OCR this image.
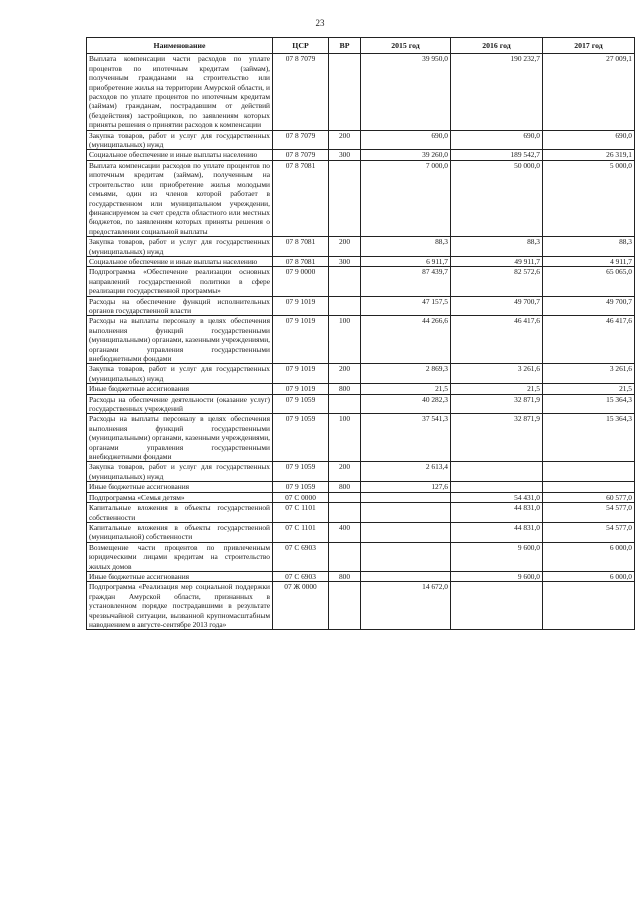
23
Наименование	ЦСР	ВР	2015 год	2016 год	2017 год
Выплата компенсации части расходов по уплате процентов по ипотечным кредитам (займам), полученным гражданами на строительство или приобретение жилья на территории Амурской области, и расходов по уплате процентов по ипотечным кредитам (займам) гражданам, пострадавшим от действий (бездействия) застройщиков, по заявлениям которых приняты решения о принятии расходов к компенсации	07 8 7079		39 950,0	190 232,7	27 009,1
Закупка товаров, работ и услуг для государственных (муниципальных) нужд	07 8 7079	200	690,0	690,0	690,0
Социальное обеспечение и иные выплаты населению	07 8 7079	300	39 260,0	189 542,7	26 319,1
Выплата компенсации расходов по уплате процентов по ипотечным кредитам (займам), полученным на строительство или приобретение жилья молодыми семьями, один из членов которой работает в государственном или муниципальном учреждении, финансируемом за счет средств областного или местных бюджетов, по заявлениям которых приняты решения о предоставлении социальной выплаты	07 8 7081		7 000,0	50 000,0	5 000,0
Закупка товаров, работ и услуг для государственных (муниципальных) нужд	07 8 7081	200	88,3	88,3	88,3
Социальное обеспечение и иные выплаты населению	07 8 7081	300	6 911,7	49 911,7	4 911,7
Подпрограмма «Обеспечение реализации основных направлений государственной политики в сфере реализации государственной программы»	07 9 0000		87 439,7	82 572,6	65 065,0
Расходы на обеспечение функций исполнительных органов государственной власти	07 9 1019		47 157,5	49 700,7	49 700,7
Расходы на выплаты персоналу в целях обеспечения выполнения функций государственными (муниципальными) органами, казенными учреждениями, органами управления государственными внебюджетными фондами	07 9 1019	100	44 266,6	46 417,6	46 417,6
Закупка товаров, работ и услуг для государственных (муниципальных) нужд	07 9 1019	200	2 869,3	3 261,6	3 261,6
Иные бюджетные ассигнования	07 9 1019	800	21,5	21,5	21,5
Расходы на обеспечение деятельности (оказание услуг) государственных учреждений	07 9 1059		40 282,3	32 871,9	15 364,3
Расходы на выплаты персоналу в целях обеспечения выполнения функций государственными (муниципальными) органами, казенными учреждениями, органами управления государственными внебюджетными фондами	07 9 1059	100	37 541,3	32 871,9	15 364,3
Закупка товаров, работ и услуг для государственных (муниципальных) нужд	07 9 1059	200	2 613,4		
Иные бюджетные ассигнования	07 9 1059	800	127,6		
Подпрограмма «Семья детям»	07 С 0000			54 431,0	60 577,0
Капитальные вложения в объекты государственной собственности	07 С 1101			44 831,0	54 577,0
Капитальные вложения в объекты государственной (муниципальной) собственности	07 С 1101	400		44 831,0	54 577,0
Возмещение части процентов по привлеченным юридическими лицами кредитам на строительство жилых домов	07 С 6903			9 600,0	6 000,0
Иные бюджетные ассигнования	07 С 6903	800		9 600,0	6 000,0
Подпрограмма «Реализация мер социальной поддержки граждан Амурской области, признанных в установленном порядке пострадавшими в результате чрезвычайной ситуации, вызванной крупномасштабным наводнением в августе-сентябре 2013 года»	07 Ж 0000		14 672,0		
